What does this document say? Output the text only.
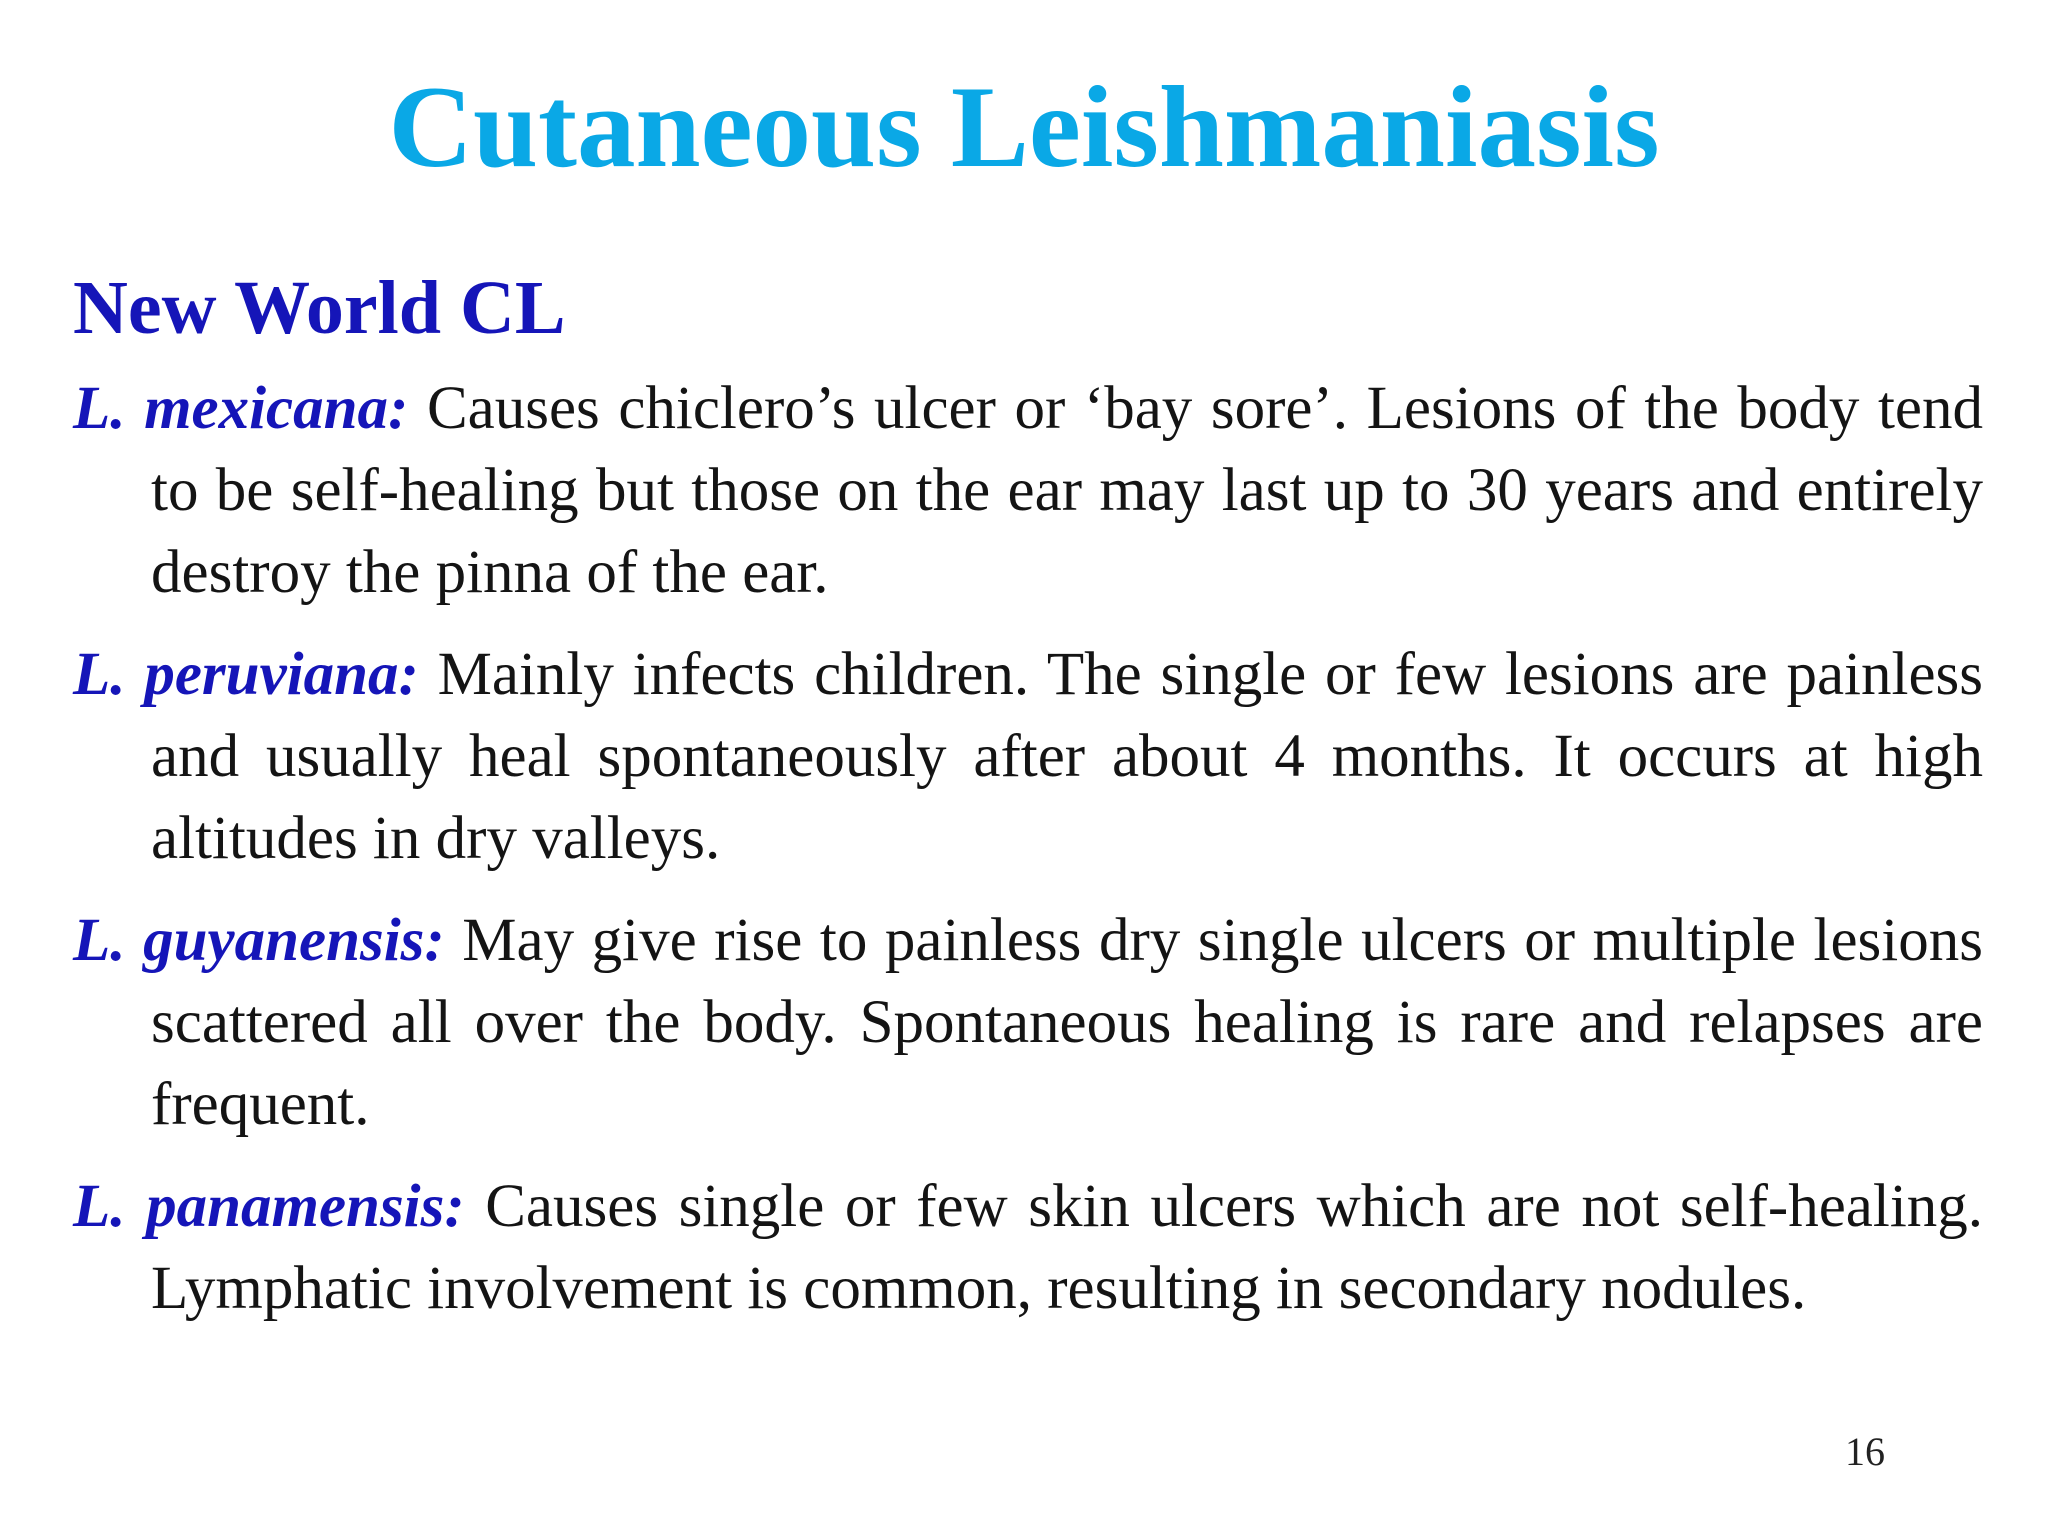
Cutaneous Leishmaniasis
New World CL
L. mexicana: Causes chiclero’s ulcer or ‘bay sore’. Lesions of the body tend to be self-healing but those on the ear may last up to 30 years and entirely destroy the pinna of the ear.
L. peruviana: Mainly infects children. The single or few lesions are painless and usually heal spontaneously after about 4 months. It occurs at high altitudes in dry valleys.
L. guyanensis: May give rise to painless dry single ulcers or multiple lesions scattered all over the body. Spontaneous healing is rare and relapses are frequent.
L. panamensis: Causes single or few skin ulcers which are not self-healing. Lymphatic involvement is common, resulting in secondary nodules.
16
